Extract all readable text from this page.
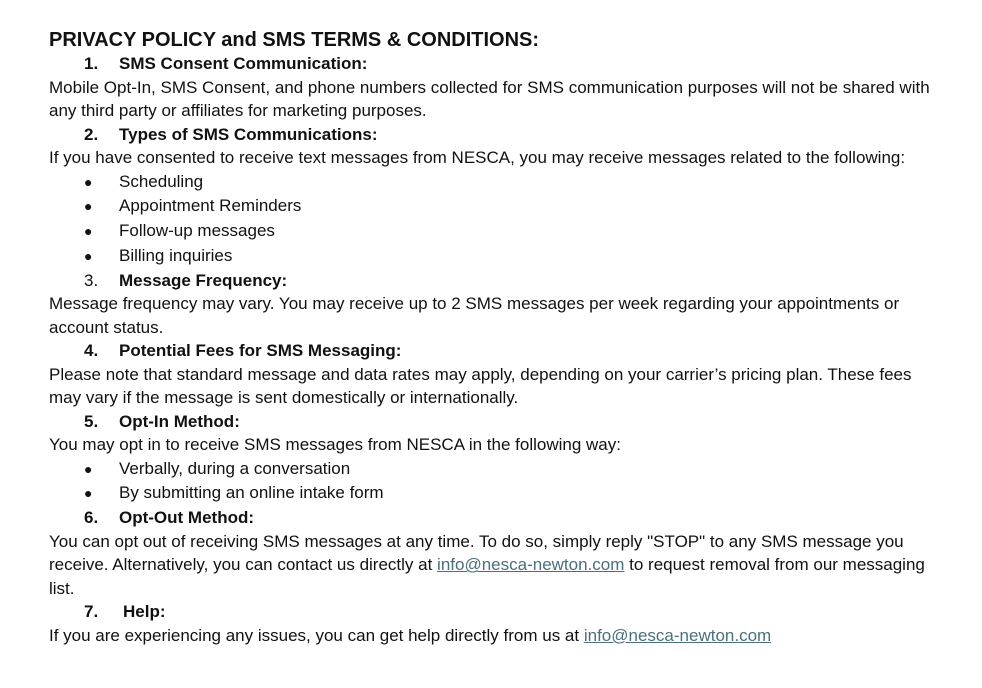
PRIVACY POLICY and SMS TERMS & CONDITIONS:
1.	SMS Consent Communication:
Mobile Opt-In, SMS Consent, and phone numbers collected for SMS communication purposes will not be shared with any third party or affiliates for marketing purposes.
2.	Types of SMS Communications:
If you have consented to receive text messages from NESCA, you may receive messages related to the following:
●	Scheduling
●	Appointment Reminders
●	Follow-up messages
●	Billing inquiries
3.	Message Frequency:
Message frequency may vary. You may receive up to 2 SMS messages per week regarding your appointments or account status.
4.	Potential Fees for SMS Messaging:
Please note that standard message and data rates may apply, depending on your carrier’s pricing plan. These fees may vary if the message is sent domestically or internationally.
5.	Opt-In Method:
You may opt in to receive SMS messages from NESCA in the following way:
●	Verbally, during a conversation
●	By submitting an online intake form
6.	Opt-Out Method:
You can opt out of receiving SMS messages at any time. To do so, simply reply "STOP" to any SMS message you receive. Alternatively, you can contact us directly at info@nesca-newton.com to request removal from our messaging list.
7.	Help:
If you are experiencing any issues, you can get help directly from us at info@nesca-newton.com
